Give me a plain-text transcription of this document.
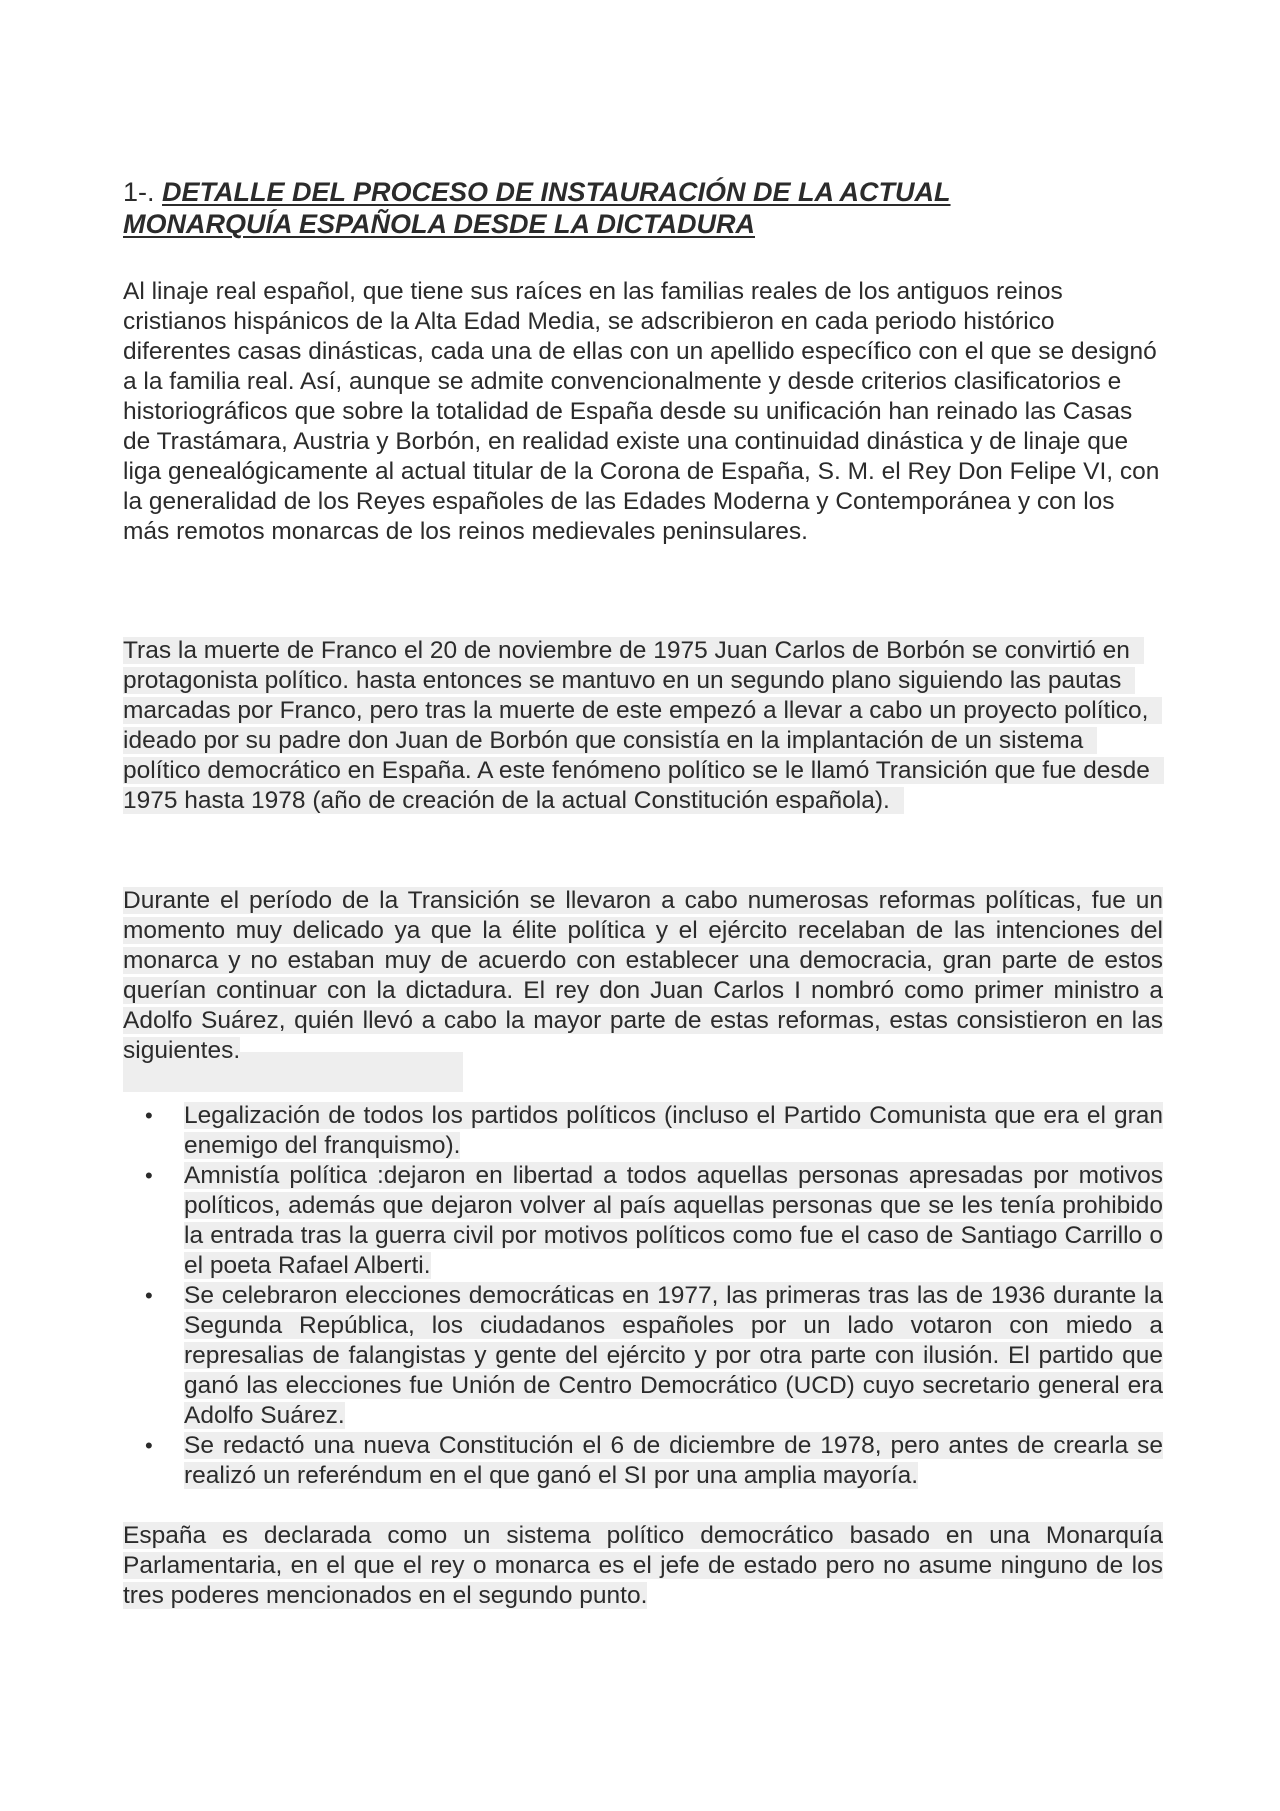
1-. DETALLE DEL PROCESO DE INSTAURACIÓN DE LA ACTUAL MONARQUÍA ESPAÑOLA DESDE LA DICTADURA

Al linaje real español, que tiene sus raíces en las familias reales de los antiguos reinos cristianos hispánicos de la Alta Edad Media, se adscribieron en cada periodo histórico diferentes casas dinásticas, cada una de ellas con un apellido específico con el que se designó a la familia real. Así, aunque se admite convencionalmente y desde criterios clasificatorios e historiográficos que sobre la totalidad de España desde su unificación han reinado las Casas de Trastámara, Austria y Borbón, en realidad existe una continuidad dinástica y de linaje que liga genealógicamente al actual titular de la Corona de España, S. M. el Rey Don Felipe VI, con la generalidad de los Reyes españoles de las Edades Moderna y Contemporánea y con los más remotos monarcas de los reinos medievales peninsulares.

Tras la muerte de Franco el 20 de noviembre de 1975 Juan Carlos de Borbón se convirtió en protagonista político. hasta entonces se mantuvo en un segundo plano siguiendo las pautas marcadas por Franco, pero tras la muerte de este empezó a llevar a cabo un proyecto político, ideado por su padre don Juan de Borbón que consistía en la implantación de un sistema político democrático en España. A este fenómeno político se le llamó Transición que fue desde 1975 hasta 1978 (año de creación de la actual Constitución española).

Durante el período de la Transición se llevaron a cabo numerosas reformas políticas, fue un momento muy delicado ya que la élite política y el ejército recelaban de las intenciones del monarca y no estaban muy de acuerdo con establecer una democracia, gran parte de estos querían continuar con la dictadura. El rey don Juan Carlos I nombró como primer ministro a Adolfo Suárez, quién llevó a cabo la mayor parte de estas reformas, estas consistieron en las siguientes.

• Legalización de todos los partidos políticos (incluso el Partido Comunista que era el gran enemigo del franquismo).
• Amnistía política :dejaron en libertad a todos aquellas personas apresadas por motivos políticos, además que dejaron volver al país aquellas personas que se les tenía prohibido la entrada tras la guerra civil por motivos políticos como fue el caso de Santiago Carrillo o el poeta Rafael Alberti.
• Se celebraron elecciones democráticas en 1977, las primeras tras las de 1936 durante la Segunda República, los ciudadanos españoles por un lado votaron con miedo a represalias de falangistas y gente del ejército y por otra parte con ilusión. El partido que ganó las elecciones fue Unión de Centro Democrático (UCD) cuyo secretario general era Adolfo Suárez.
• Se redactó una nueva Constitución el 6 de diciembre de 1978, pero antes de crearla se realizó un referéndum en el que ganó el SI por una amplia mayoría.

España es declarada como un sistema político democrático basado en una Monarquía Parlamentaria, en el que el rey o monarca es el jefe de estado pero no asume ninguno de los tres poderes mencionados en el segundo punto.
